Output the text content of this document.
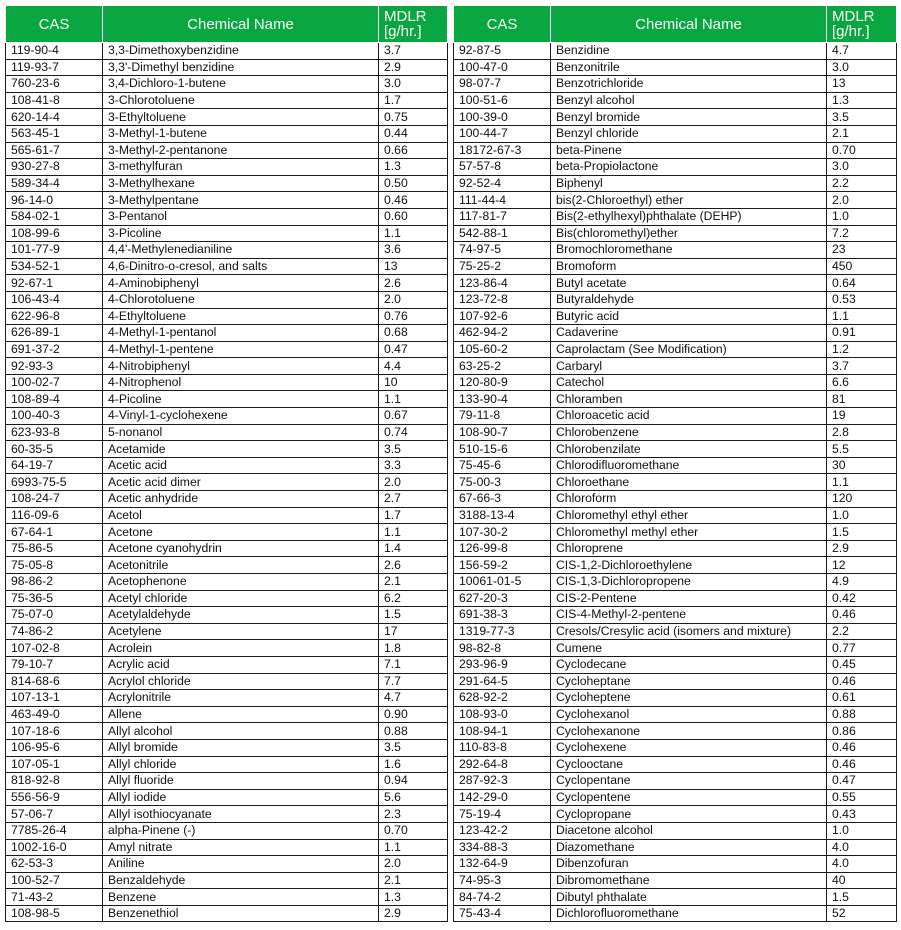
CAS	Chemical Name	MDLR
[g/hr.]
119-90-4	3,3-Dimethoxybenzidine	3.7
119-93-7	3,3'-Dimethyl benzidine	2.9
760-23-6	3,4-Dichloro-1-butene	3.0
108-41-8	3-Chlorotoluene	1.7
620-14-4	3-Ethyltoluene	0.75
563-45-1	3-Methyl-1-butene	0.44
565-61-7	3-Methyl-2-pentanone	0.66
930-27-8	3-methylfuran	1.3
589-34-4	3-Methylhexane	0.50
96-14-0	3-Methylpentane	0.46
584-02-1	3-Pentanol	0.60
108-99-6	3-Picoline	1.1
101-77-9	4,4'-Methylenedianiline	3.6
534-52-1	4,6-Dinitro-o-cresol, and salts	13
92-67-1	4-Aminobiphenyl	2.6
106-43-4	4-Chlorotoluene	2.0
622-96-8	4-Ethyltoluene	0.76
626-89-1	4-Methyl-1-pentanol	0.68
691-37-2	4-Methyl-1-pentene	0.47
92-93-3	4-Nitrobiphenyl	4.4
100-02-7	4-Nitrophenol	10
108-89-4	4-Picoline	1.1
100-40-3	4-Vinyl-1-cyclohexene	0.67
623-93-8	5-nonanol	0.74
60-35-5	Acetamide	3.5
64-19-7	Acetic acid	3.3
6993-75-5	Acetic acid dimer	2.0
108-24-7	Acetic anhydride	2.7
116-09-6	Acetol	1.7
67-64-1	Acetone	1.1
75-86-5	Acetone cyanohydrin	1.4
75-05-8	Acetonitrile	2.6
98-86-2	Acetophenone	2.1
75-36-5	Acetyl chloride	6.2
75-07-0	Acetylaldehyde	1.5
74-86-2	Acetylene	17
107-02-8	Acrolein	1.8
79-10-7	Acrylic acid	7.1
814-68-6	Acrylol chloride	7.7
107-13-1	Acrylonitrile	4.7
463-49-0	Allene	0.90
107-18-6	Allyl alcohol	0.88
106-95-6	Allyl bromide	3.5
107-05-1	Allyl chloride	1.6
818-92-8	Allyl fluoride	0.94
556-56-9	Allyl iodide	5.6
57-06-7	Allyl isothiocyanate	2.3
7785-26-4	alpha-Pinene (-)	0.70
1002-16-0	Amyl nitrate	1.1
62-53-3	Aniline	2.0
100-52-7	Benzaldehyde	2.1
71-43-2	Benzene	1.3
108-98-5	Benzenethiol	2.9
CAS	Chemical Name	MDLR
[g/hr.]
92-87-5	Benzidine	4.7
100-47-0	Benzonitrile	3.0
98-07-7	Benzotrichloride	13
100-51-6	Benzyl alcohol	1.3
100-39-0	Benzyl bromide	3.5
100-44-7	Benzyl chloride	2.1
18172-67-3	beta-Pinene	0.70
57-57-8	beta-Propiolactone	3.0
92-52-4	Biphenyl	2.2
111-44-4	bis(2-Chloroethyl) ether	2.0
117-81-7	Bis(2-ethylhexyl)phthalate (DEHP)	1.0
542-88-1	Bis(chloromethyl)ether	7.2
74-97-5	Bromochloromethane	23
75-25-2	Bromoform	450
123-86-4	Butyl acetate	0.64
123-72-8	Butyraldehyde	0.53
107-92-6	Butyric acid	1.1
462-94-2	Cadaverine	0.91
105-60-2	Caprolactam (See Modification)	1.2
63-25-2	Carbaryl	3.7
120-80-9	Catechol	6.6
133-90-4	Chloramben	81
79-11-8	Chloroacetic acid	19
108-90-7	Chlorobenzene	2.8
510-15-6	Chlorobenzilate	5.5
75-45-6	Chlorodifluoromethane	30
75-00-3	Chloroethane	1.1
67-66-3	Chloroform	120
3188-13-4	Chloromethyl ethyl ether	1.0
107-30-2	Chloromethyl methyl ether	1.5
126-99-8	Chloroprene	2.9
156-59-2	CIS-1,2-Dichloroethylene	12
10061-01-5	CIS-1,3-Dichloropropene	4.9
627-20-3	CIS-2-Pentene	0.42
691-38-3	CIS-4-Methyl-2-pentene	0.46
1319-77-3	Cresols/Cresylic acid (isomers and mixture)	2.2
98-82-8	Cumene	0.77
293-96-9	Cyclodecane	0.45
291-64-5	Cycloheptane	0.46
628-92-2	Cycloheptene	0.61
108-93-0	Cyclohexanol	0.88
108-94-1	Cyclohexanone	0.86
110-83-8	Cyclohexene	0.46
292-64-8	Cyclooctane	0.46
287-92-3	Cyclopentane	0.47
142-29-0	Cyclopentene	0.55
75-19-4	Cyclopropane	0.43
123-42-2	Diacetone alcohol	1.0
334-88-3	Diazomethane	4.0
132-64-9	Dibenzofuran	4.0
74-95-3	Dibromomethane	40
84-74-2	Dibutyl phthalate	1.5
75-43-4	Dichlorofluoromethane	52
